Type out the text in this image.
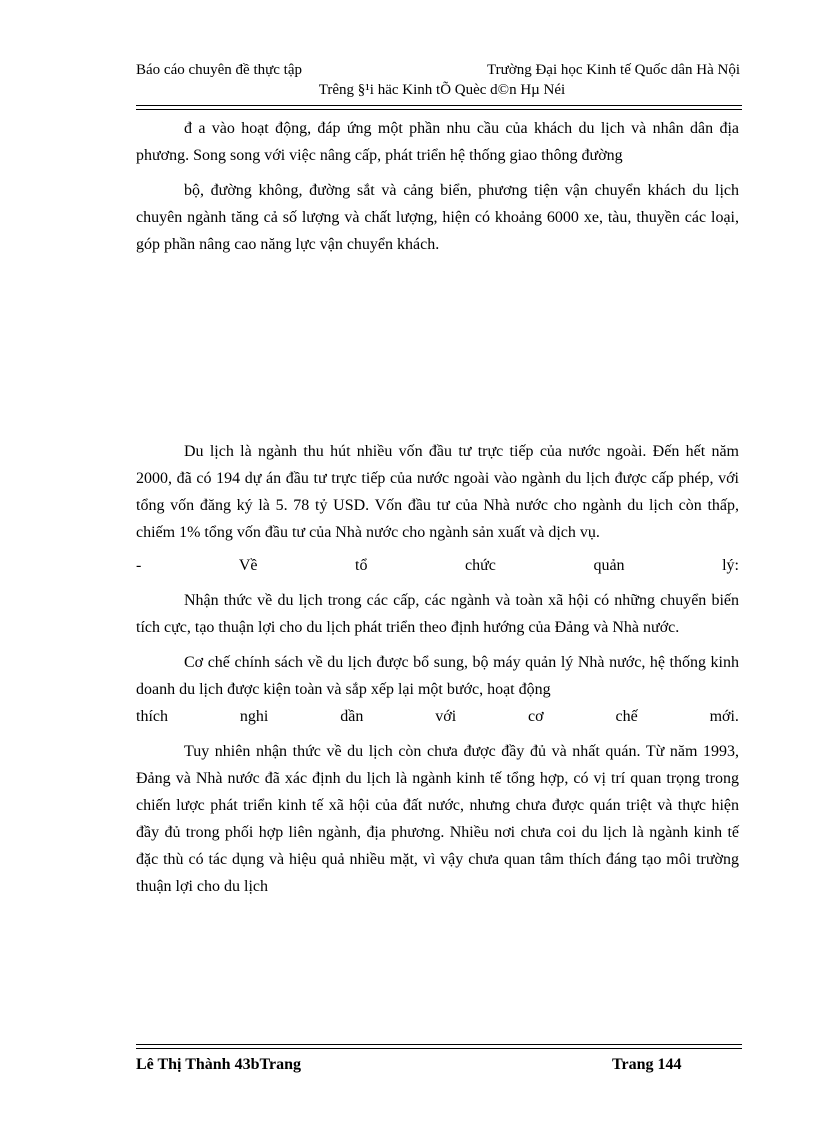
Báo cáo chuyên đề thực tập	Trường Đại học Kinh tế Quốc dân Hà Nội
Trêng §¹i häc Kinh tÕ Quèc d©n Hµ Néi

đ a vào hoạt động, đáp ứng một phần nhu cầu của khách du lịch và nhân dân địa phương. Song song với việc nâng cấp, phát triển hệ thống giao thông đường

bộ, đường không, đường sắt và cảng biển, phương tiện vận chuyển khách du lịch chuyên ngành tăng cả số lượng và chất lượng, hiện có khoảng 6000 xe, tàu, thuyền các loại, góp phần nâng cao năng lực vận chuyển khách.

Du lịch là ngành thu hút nhiều vốn đầu tư trực tiếp của nước ngoài. Đến hết năm 2000, đã có 194 dự án đầu tư trực tiếp của nước ngoài vào ngành du lịch được cấp phép, với tổng vốn đăng ký là 5. 78 tỷ USD. Vốn đầu tư của Nhà nước cho ngành du lịch còn thấp, chiếm 1% tổng vốn đầu tư của Nhà nước cho ngành sản xuất và dịch vụ.

-	Về	tổ	chức	quản	lý:

Nhận thức về du lịch trong các cấp, các ngành và toàn xã hội có những chuyển biến tích cực, tạo thuận lợi cho du lịch phát triển theo định hướng của Đảng và Nhà nước.

Cơ chế chính sách về du lịch được bổ sung, bộ máy quản lý Nhà nước, hệ thống kinh doanh du lịch được kiện toàn và sắp xếp lại một bước, hoạt động

thích	nghi	dần	với	cơ	chế	mới.

Tuy nhiên nhận thức về du lịch còn chưa được đầy đủ và nhất quán. Từ năm 1993, Đảng và Nhà nước đã xác định du lịch là ngành kinh tế tổng hợp, có vị trí quan trọng trong chiến lược phát triển kinh tế xã hội của đất nước, nhưng chưa được quán triệt và thực hiện đầy đủ trong phối hợp liên ngành, địa phương. Nhiều nơi chưa coi du lịch là ngành kinh tế đặc thù có tác dụng và hiệu quả nhiều mặt, vì vậy chưa quan tâm thích đáng tạo môi trường thuận lợi cho du lịch

Lê Thị Thành 43bTrang	Trang 144
